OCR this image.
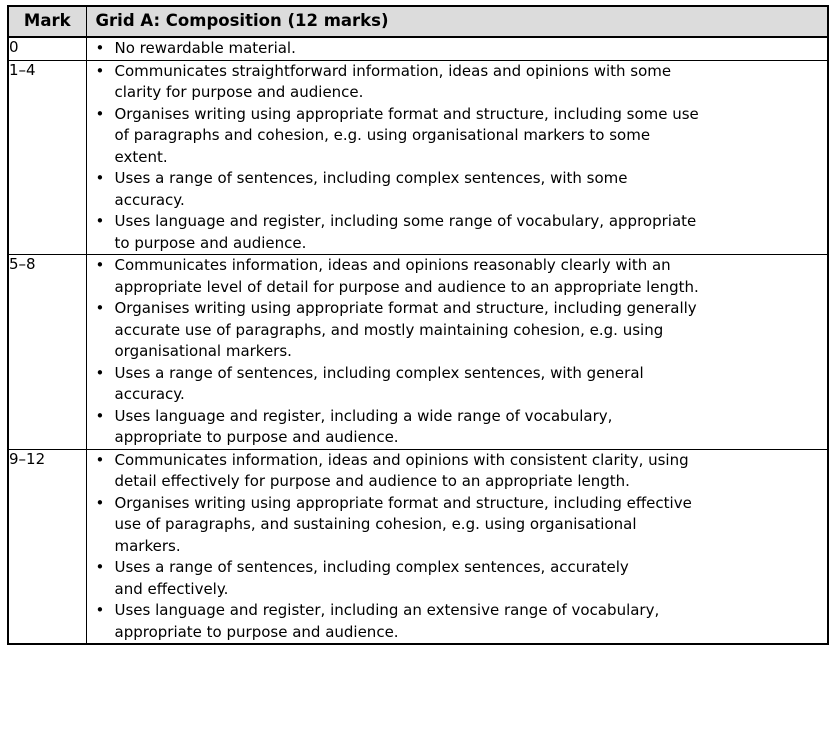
Mark	Grid A: Composition (12 marks)
0	
•No rewardable material.

1–4	
•Communicates straightforward information, ideas and opinions with some
clarity for purpose and audience.
• Organises writing using appropriate format and structure, including some use
of paragraphs and cohesion, e.g. using organisational markers to some
extent.
• Uses a range of sentences, including complex sentences, with some
accuracy.
• Uses language and register, including some range of vocabulary, appropriate
to purpose and audience.

5–8	
•Communicates information, ideas and opinions reasonably clearly with an
appropriate level of detail for purpose and audience to an appropriate length.
• Organises writing using appropriate format and structure, including generally
accurate use of paragraphs, and mostly maintaining cohesion, e.g. using
organisational markers.
• Uses a range of sentences, including complex sentences, with general
accuracy.
• Uses language and register, including a wide range of vocabulary,
appropriate to purpose and audience.

9–12	
•Communicates information, ideas and opinions with consistent clarity, using
detail effectively for purpose and audience to an appropriate length.
• Organises writing using appropriate format and structure, including effective
use of paragraphs, and sustaining cohesion, e.g. using organisational
markers.
• Uses a range of sentences, including complex sentences, accurately
and effectively.
• Uses language and register, including an extensive range of vocabulary,
appropriate to purpose and audience.
